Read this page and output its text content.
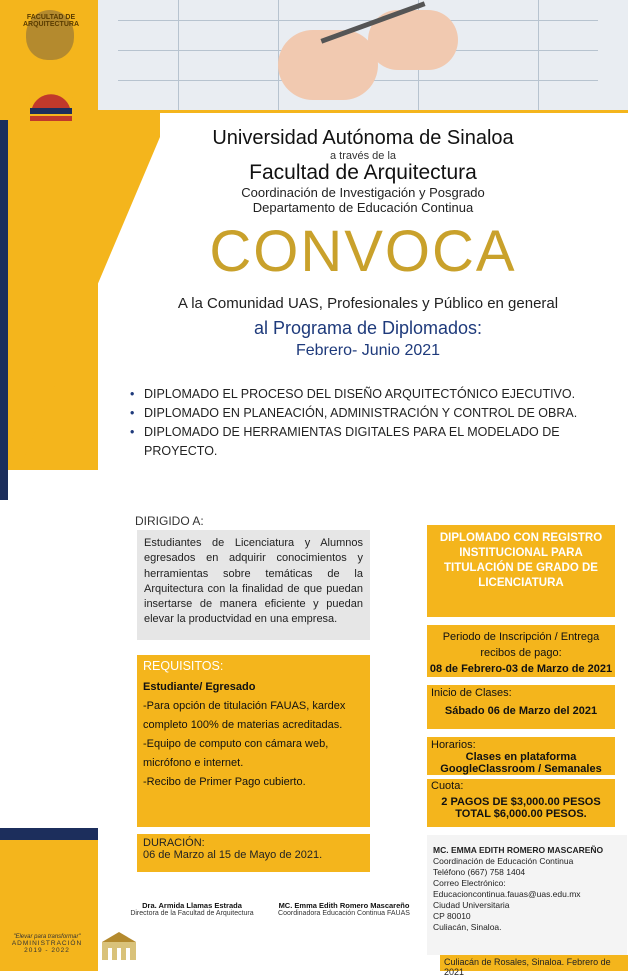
FACULTAD DE ARQUITECTURA
Universidad Autónoma de Sinaloa
a través de la
Facultad de Arquitectura
Coordinación de Investigación y Posgrado
Departamento de Educación Continua
CONVOCA
A la Comunidad UAS, Profesionales y Público en general
al Programa de Diplomados:
Febrero- Junio 2021
• DIPLOMADO EL PROCESO DEL DISEÑO ARQUITECTÓNICO EJECUTIVO.
• DIPLOMADO EN PLANEACIÓN, ADMINISTRACIÓN Y CONTROL DE OBRA.
• DIPLOMADO DE HERRAMIENTAS DIGITALES PARA EL MODELADO DE PROYECTO.
DIRIGIDO A:
Estudiantes de Licenciatura y Alumnos egresados en adquirir conocimientos y herramientas sobre temáticas de la Arquitectura con la finalidad de que puedan insertarse de manera eficiente y puedan elevar la productvidad en una empresa.
REQUISITOS:
Estudiante/ Egresado
-Para opción de titulación FAUAS, kardex completo 100% de materias acreditadas.
-Equipo de computo con cámara web, micrófono e internet.
-Recibo de Primer Pago cubierto.
DURACIÓN:
06 de Marzo al 15 de Mayo de 2021.
DIPLOMADO CON REGISTRO INSTITUCIONAL PARA TITULACIÓN DE GRADO DE LICENCIATURA
Periodo de Inscripción / Entrega recibos de pago:
08 de Febrero-03 de Marzo de 2021
Inicio de Clases:
Sábado 06 de Marzo del 2021
Horarios:
Clases en plataforma GoogleClassroom / Semanales
Cuota:
2 PAGOS DE $3,000.00 PESOS
TOTAL $6,000.00 PESOS.
MC. EMMA EDITH ROMERO MASCAREÑO
Coordinación de Educación Continua
Teléfono (667) 758 1404
Correo Electrónico:
Educacioncontinua.fauas@uas.edu.mx
Ciudad Universitaria
CP 80010
Culiacán, Sinaloa.
Dra. Armida Llamas Estrada
Directora de la Facultad de Arquitectura
MC. Emma Edith Romero Mascareño
Coordinadora Educación Continua FAUAS
"Elevar para transformar"
ADMINISTRACIÓN
2019 - 2022
Culiacán de Rosales, Sinaloa. Febrero de 2021
